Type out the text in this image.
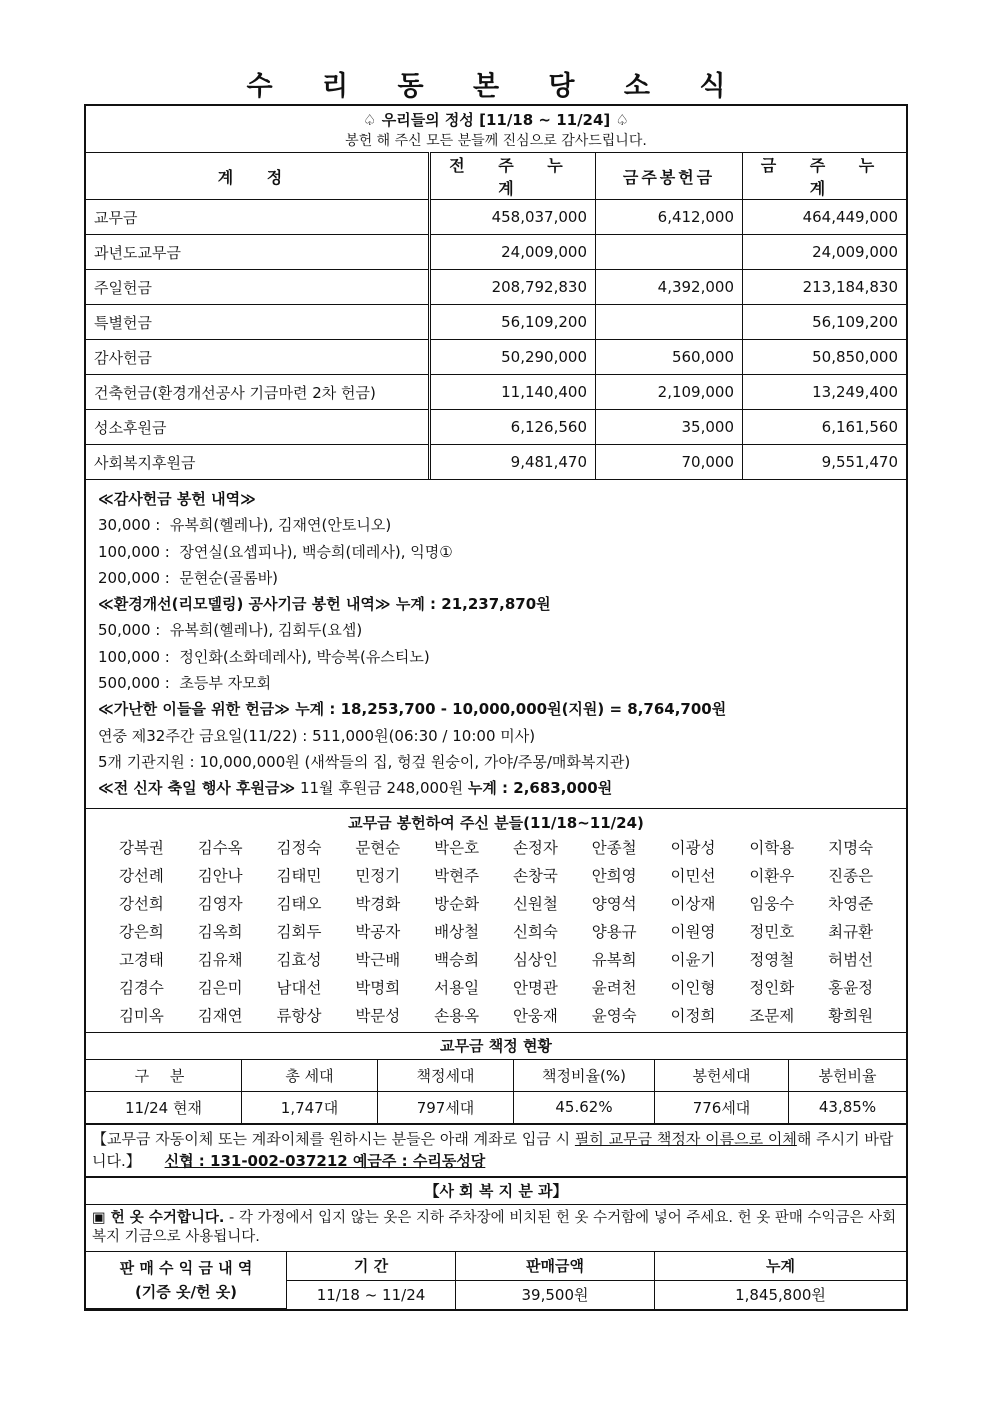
수 리 동 본 당 소 식
♤ 우리들의 정성 [11/18 ~ 11/24] ♤
봉헌 해 주신 모든 분들께 진심으로 감사드립니다.
계 정	전 주 누 계	금주봉헌금	금 주 누 계
교무금	458,037,000	6,412,000	464,449,000
과년도교무금	24,009,000		24,009,000
주일헌금	208,792,830	4,392,000	213,184,830
특별헌금	56,109,200		56,109,200
감사헌금	50,290,000	560,000	50,850,000
건축헌금(환경개선공사 기금마련 2차 헌금)	11,140,400	2,109,000	13,249,400
성소후원금	6,126,560	35,000	6,161,560
사회복지후원금	9,481,470	70,000	9,551,470
≪감사헌금 봉헌 내역≫
30,000 :  유복희(헬레나), 김재연(안토니오)
100,000 :  장연실(요셉피나), 백승희(데레사), 익명①
200,000 :  문현순(골롬바)
≪환경개선(리모델링) 공사기금 봉헌 내역≫ 누계 : 21,237,870원
50,000 :  유복희(헬레나), 김회두(요셉)
100,000 :  정인화(소화데레사), 박승복(유스티노)
500,000 :  초등부 자모회
≪가난한 이들을 위한 헌금≫ 누계 : 18,253,700 - 10,000,000원(지원) = 8,764,700원
연중 제32주간 금요일(11/22) : 511,000원(06:30 / 10:00 미사)
5개 기관지원 : 10,000,000원 (새싹들의 집, 헝겊 원숭이, 가야/주몽/매화복지관)
≪전 신자 축일 행사 후원금≫ 11월 후원금 248,000원 누계 : 2,683,000원
교무금 봉헌하여 주신 분들(11/18~11/24)
강복권	김수옥	김정숙	문현순	박은호	손정자	안종철	이광성	이학용	지명숙
강선례	김안나	김태민	민정기	박현주	손창국	안희영	이민선	이환우	진종은
강선희	김영자	김태오	박경화	방순화	신원철	양영석	이상재	임웅수	차영준
강은희	김옥희	김회두	박공자	배상철	신희숙	양용규	이원영	정민호	최규환
고경태	김유채	김효성	박근배	백승희	심상인	유복희	이윤기	정영철	허범선
김경수	김은미	남대선	박명희	서용일	안명관	윤려천	이인형	정인화	홍윤정
김미옥	김재연	류항상	박문성	손용옥	안웅재	윤영숙	이정희	조문제	황희원
교무금 책정 현황
구 분	총 세대	책정세대	책정비율(%)	봉헌세대	봉헌비율
11/24 현재	1,747대	797세대	45.62%	776세대	43,85%
【교무금 자동이체 또는 계좌이체를 원하시는 분들은 아래 계좌로 입금 시 필히 교무금 책정자 이름으로 이체해 주시기 바랍니다.】 신협 : 131-002-037212 예금주 : 수리동성당
【사 회 복 지 분 과】
▣ 헌 옷 수거합니다. - 각 가정에서 입지 않는 옷은 지하 주차장에 비치된 헌 옷 수거함에 넣어 주세요. 헌 옷 판매 수익금은 사회복지 기금으로 사용됩니다.
판 매 수 익 금 내 역
(기증 옷/헌 옷)	기 간	판매금액	누계
	11/18 ~ 11/24	39,500원	1,845,800원
